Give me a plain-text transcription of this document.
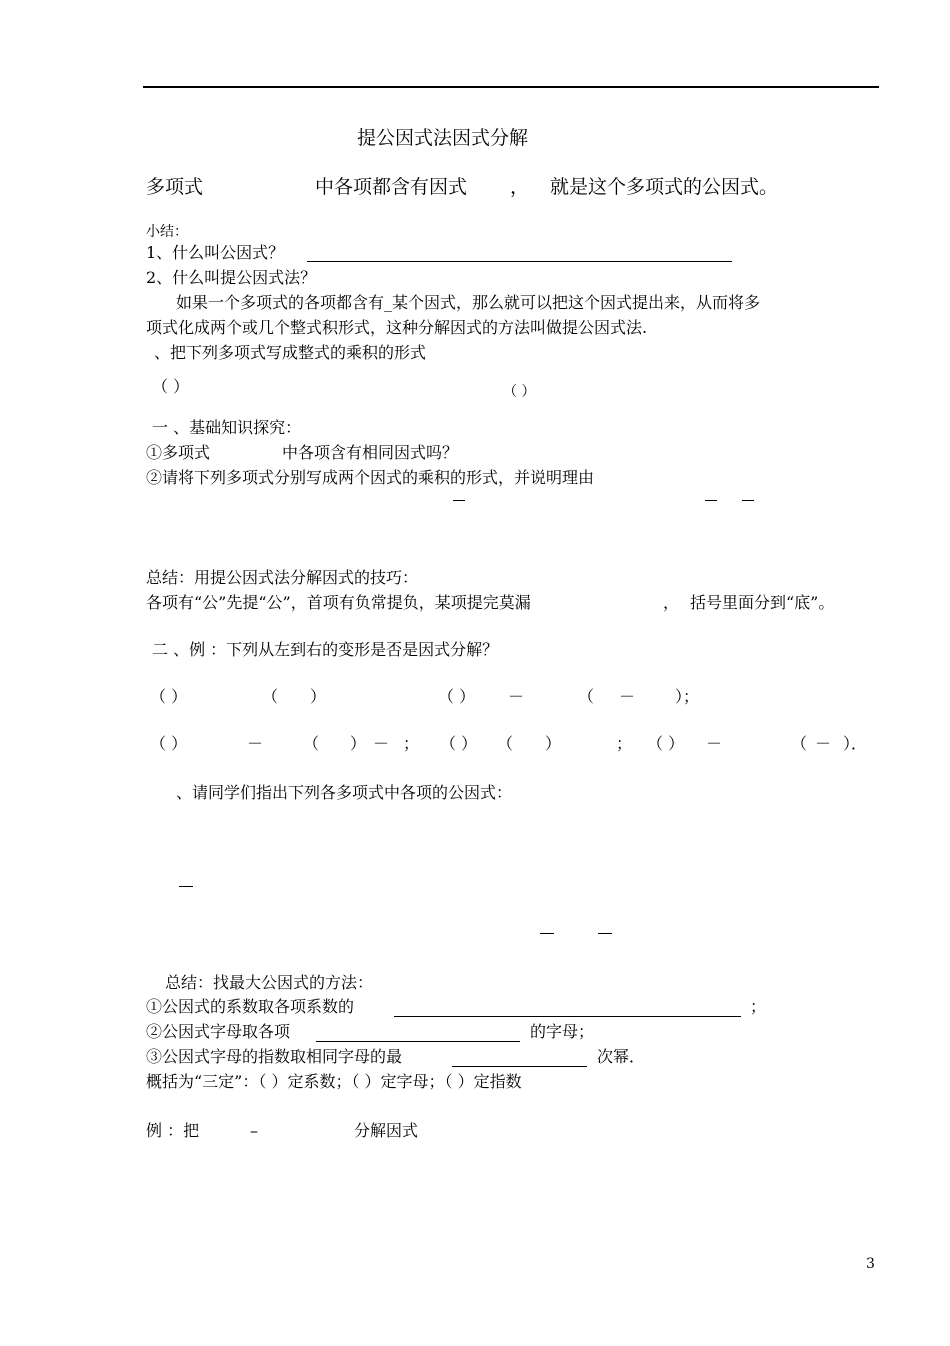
提公因式法因式分解
多项式	中各项都含有因式 ， 就是这个多项式的公因式。
小结：
1、什么叫公因式？
2、什么叫提公因式法？
如果一个多项式的各项都含有_某个因式，那么就可以把这个因式提出来，从而将多
项式化成两个或几个整式积形式，这种分解因式的方法叫做提公因式法.
、把下列多项式写成整式的乘积的形式
（ ）	（ ）
一 、基础知识探究：
①多项式	中各项含有相同因式吗？
②请将下列多项式分别写成两个因式的乘积的形式，并说明理由
总结：用提公因式法分解因式的技巧：
各项有“公”先提“公”，首项有负常提负，某项提完莫漏	， 括号里面分到“底”。
二 、例 ：下列从左到右的变形是否是因式分解？
（ ）	（　　）	（ ） －	（ － ）；
（ ）	－ （ ） － ； （ ） （　　）	； （ ） －	（ － ）．
、请同学们指出下列各多项式中各项的公因式：
总结：找最大公因式的方法：
①公因式的系数取各项系数的	；
②公因式字母取各项	的字母；
③公因式字母的指数取相同字母的最	次幂．
概括为“三定”：（ ）定系数；（ ）定字母；（ ）定指数
例 ：把	–	分解因式
3
